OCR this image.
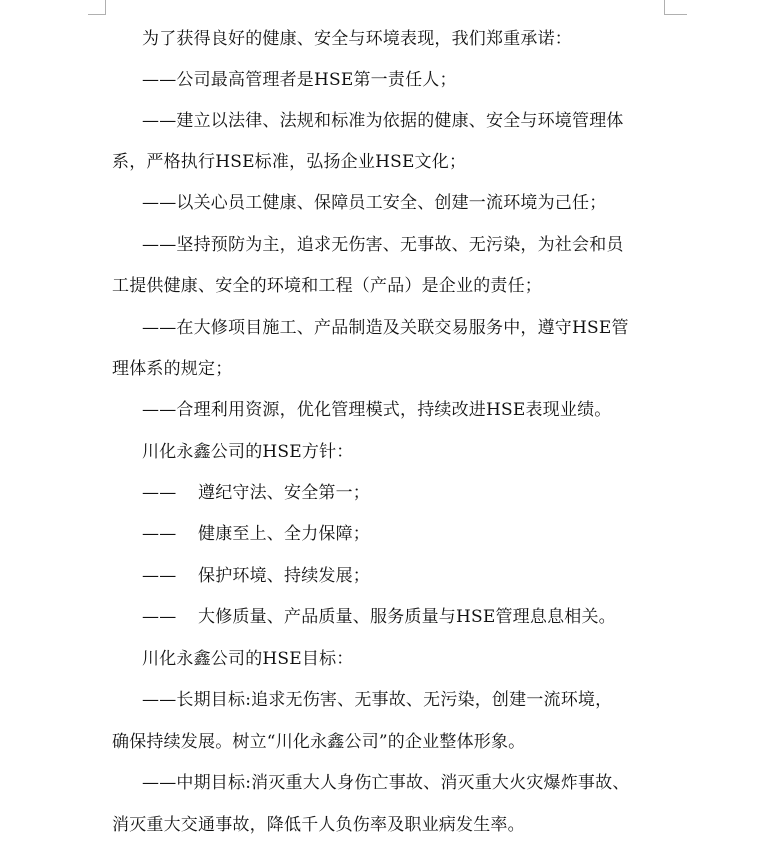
为了获得良好的健康、安全与环境表现，我们郑重承诺：
——公司最高管理者是HSE第一责任人；
——建立以法律、法规和标准为依据的健康、安全与环境管理体
系，严格执行HSE标准，弘扬企业HSE文化；
——以关心员工健康、保障员工安全、创建一流环境为己任；
——坚持预防为主，追求无伤害、无事故、无污染，为社会和员
工提供健康、安全的环境和工程（产品）是企业的责任；
——在大修项目施工、产品制造及关联交易服务中，遵守HSE管
理体系的规定；
——合理利用资源，优化管理模式，持续改进HSE表现业绩。
川化永鑫公司的HSE方针：
—— 遵纪守法、安全第一；
—— 健康至上、全力保障；
—— 保护环境、持续发展；
—— 大修质量、产品质量、服务质量与HSE管理息息相关。
川化永鑫公司的HSE目标：
——长期目标:追求无伤害、无事故、无污染，创建一流环境，
确保持续发展。树立“川化永鑫公司”的企业整体形象。
——中期目标:消灭重大人身伤亡事故、消灭重大火灾爆炸事故、
消灭重大交通事故，降低千人负伤率及职业病发生率。
